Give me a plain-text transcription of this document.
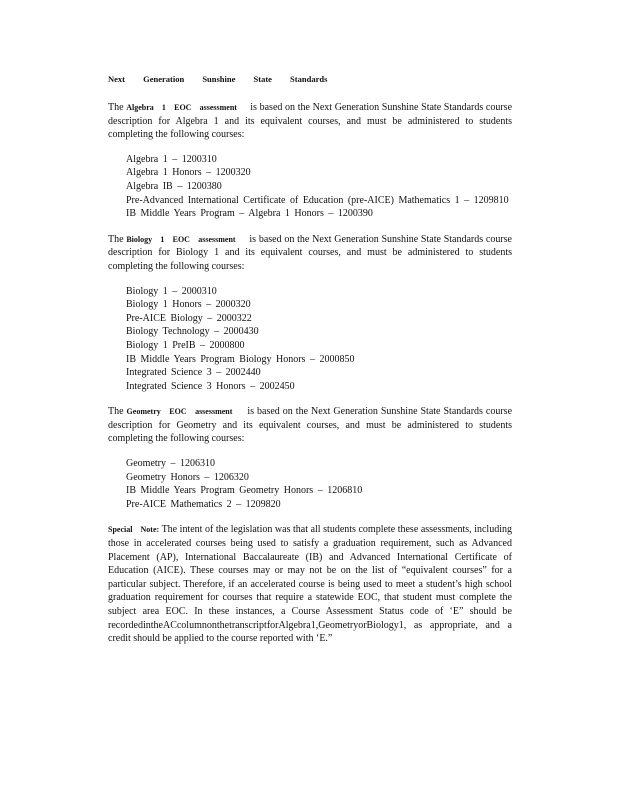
Next Generation Sunshine State Standards

The Algebra 1 EOC assessment is based on the Next Generation Sunshine State Standards course description for Algebra 1 and its equivalent courses, and must be administered to students completing the following courses:

Algebra 1 – 1200310
Algebra 1 Honors – 1200320
Algebra IB – 1200380
Pre-Advanced International Certificate of Education (pre-AICE) Mathematics 1 – 1209810
IB Middle Years Program – Algebra 1 Honors – 1200390

The Biology 1 EOC assessment is based on the Next Generation Sunshine State Standards course description for Biology 1 and its equivalent courses, and must be administered to students completing the following courses:

Biology 1 – 2000310
Biology 1 Honors – 2000320
Pre-AICE Biology – 2000322
Biology Technology – 2000430
Biology 1 PreIB – 2000800
IB Middle Years Program Biology Honors – 2000850
Integrated Science 3 – 2002440
Integrated Science 3 Honors – 2002450

The Geometry EOC assessment is based on the Next Generation Sunshine State Standards course description for Geometry and its equivalent courses, and must be administered to students completing the following courses:

Geometry – 1206310
Geometry Honors – 1206320
IB Middle Years Program Geometry Honors – 1206810
Pre-AICE Mathematics 2 – 1209820

Special Note: The intent of the legislation was that all students complete these assessments, including those in accelerated courses being used to satisfy a graduation requirement, such as Advanced Placement (AP), International Baccalaureate (IB) and Advanced International Certificate of Education (AICE). These courses may or may not be on the list of “equivalent courses” for a particular subject. Therefore, if an accelerated course is being used to meet a student’s high school graduation requirement for courses that require a statewide EOC, that student must complete the subject area EOC. In these instances, a Course Assessment Status code of ‘E” should be recordedintheACcolumnonthetranscriptforAlgebra1,GeometryorBiology1, as appropriate, and a credit should be applied to the course reported with ‘E.”
